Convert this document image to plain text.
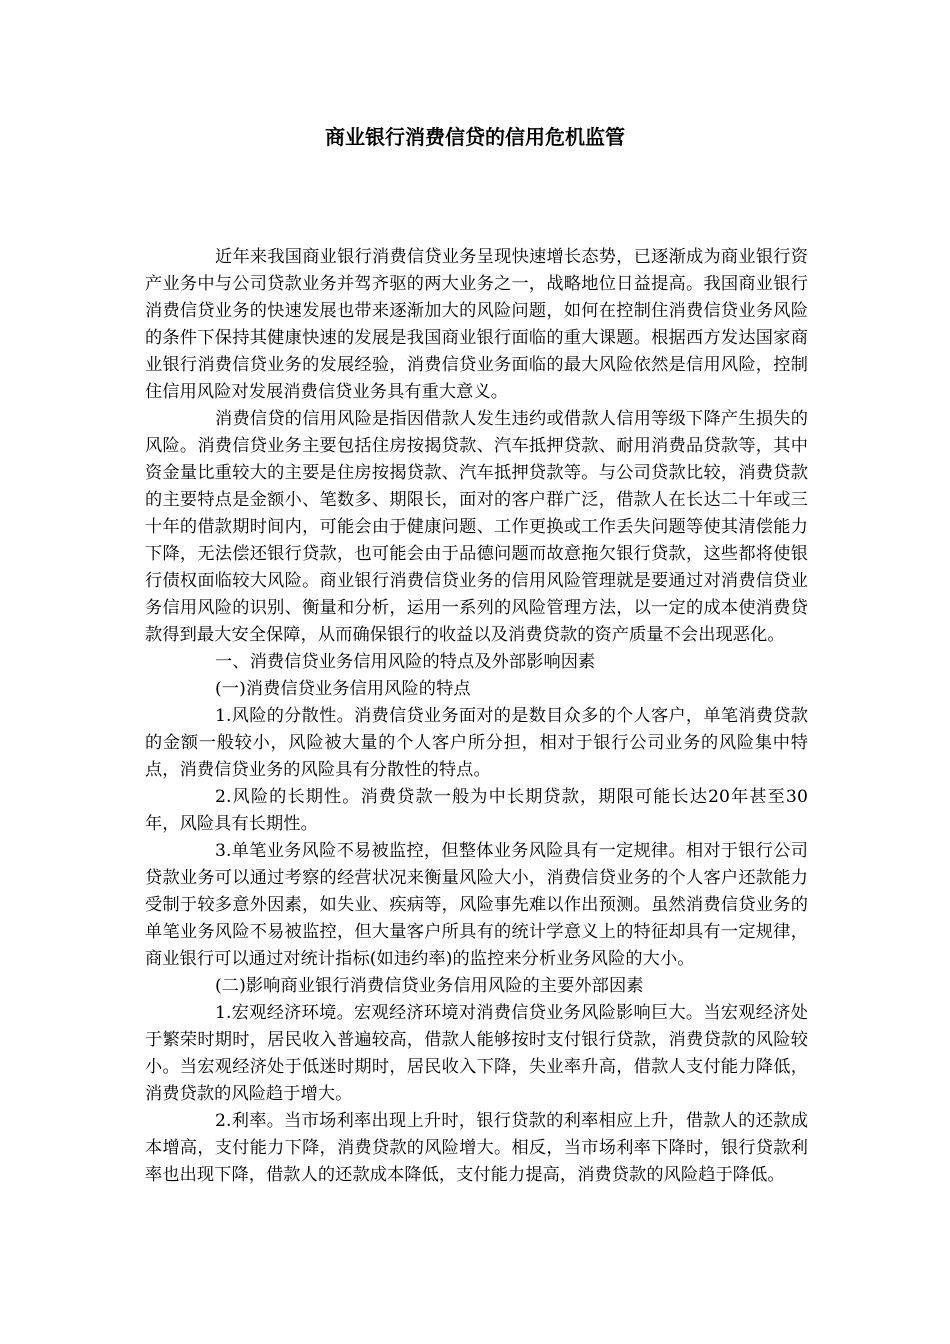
商业银行消费信贷的信用危机监管

近年来我国商业银行消费信贷业务呈现快速增长态势，已逐渐成为商业银行资产业务中与公司贷款业务并驾齐驱的两大业务之一，战略地位日益提高。我国商业银行消费信贷业务的快速发展也带来逐渐加大的风险问题，如何在控制住消费信贷业务风险的条件下保持其健康快速的发展是我国商业银行面临的重大课题。根据西方发达国家商业银行消费信贷业务的发展经验，消费信贷业务面临的最大风险依然是信用风险，控制住信用风险对发展消费信贷业务具有重大意义。

消费信贷的信用风险是指因借款人发生违约或借款人信用等级下降产生损失的风险。消费信贷业务主要包括住房按揭贷款、汽车抵押贷款、耐用消费品贷款等，其中资金量比重较大的主要是住房按揭贷款、汽车抵押贷款等。与公司贷款比较，消费贷款的主要特点是金额小、笔数多、期限长，面对的客户群广泛，借款人在长达二十年或三十年的借款期时间内，可能会由于健康问题、工作更换或工作丢失问题等使其清偿能力下降，无法偿还银行贷款，也可能会由于品德问题而故意拖欠银行贷款，这些都将使银行债权面临较大风险。商业银行消费信贷业务的信用风险管理就是要通过对消费信贷业务信用风险的识别、衡量和分析，运用一系列的风险管理方法，以一定的成本使消费贷款得到最大安全保障，从而确保银行的收益以及消费贷款的资产质量不会出现恶化。

一、消费信贷业务信用风险的特点及外部影响因素

(一)消费信贷业务信用风险的特点

1.风险的分散性。消费信贷业务面对的是数目众多的个人客户，单笔消费贷款的金额一般较小，风险被大量的个人客户所分担，相对于银行公司业务的风险集中特点，消费信贷业务的风险具有分散性的特点。

2.风险的长期性。消费贷款一般为中长期贷款，期限可能长达20年甚至30年，风险具有长期性。

3.单笔业务风险不易被监控，但整体业务风险具有一定规律。相对于银行公司贷款业务可以通过考察的经营状况来衡量风险大小，消费信贷业务的个人客户还款能力受制于较多意外因素，如失业、疾病等，风险事先难以作出预测。虽然消费信贷业务的单笔业务风险不易被监控，但大量客户所具有的统计学意义上的特征却具有一定规律，商业银行可以通过对统计指标(如违约率)的监控来分析业务风险的大小。

(二)影响商业银行消费信贷业务信用风险的主要外部因素

1.宏观经济环境。宏观经济环境对消费信贷业务风险影响巨大。当宏观经济处于繁荣时期时，居民收入普遍较高，借款人能够按时支付银行贷款，消费贷款的风险较小。当宏观经济处于低迷时期时，居民收入下降，失业率升高，借款人支付能力降低，消费贷款的风险趋于增大。

2.利率。当市场利率出现上升时，银行贷款的利率相应上升，借款人的还款成本增高，支付能力下降，消费贷款的风险增大。相反，当市场利率下降时，银行贷款利率也出现下降，借款人的还款成本降低，支付能力提高，消费贷款的风险趋于降低。
